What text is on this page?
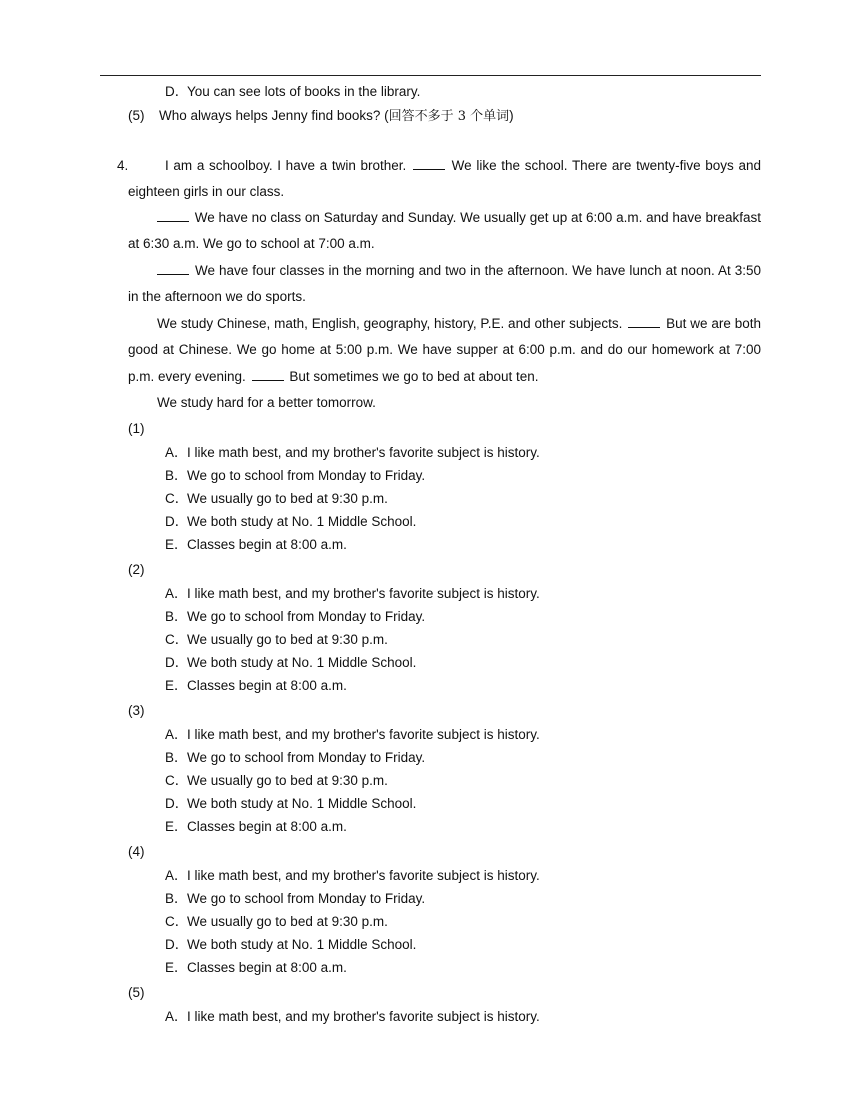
D．You can see lots of books in the library.
(5) Who always helps Jenny find books? (回答不多于 3 个单词)
4.	I am a schoolboy. I have a twin brother.	We like the school. There are twenty-five boys and
eighteen girls in our class.
We have no class on Saturday and Sunday. We usually get up at 6:00 a.m. and have breakfast
at 6:30 a.m. We go to school at 7:00 a.m.
We have four classes in the morning and two in the afternoon. We have lunch at noon. At 3:50
in the afternoon we do sports.
We study Chinese, math, English, geography, history, P.E. and other subjects.	But we are both
good at Chinese. We go home at 5:00 p.m. We have supper at 6:00 p.m. and do our homework at 7:00
p.m. every evening.	But sometimes we go to bed at about ten.
We study hard for a better tomorrow.
(1)
A．I like math best, and my brother's favorite subject is history.
B．We go to school from Monday to Friday.
C．We usually go to bed at 9:30 p.m.
D．We both study at No. 1 Middle School.
E．Classes begin at 8:00 a.m.
(2)
A．I like math best, and my brother's favorite subject is history.
B．We go to school from Monday to Friday.
C．We usually go to bed at 9:30 p.m.
D．We both study at No. 1 Middle School.
E．Classes begin at 8:00 a.m.
(3)
A．I like math best, and my brother's favorite subject is history.
B．We go to school from Monday to Friday.
C．We usually go to bed at 9:30 p.m.
D．We both study at No. 1 Middle School.
E．Classes begin at 8:00 a.m.
(4)
A．I like math best, and my brother's favorite subject is history.
B．We go to school from Monday to Friday.
C．We usually go to bed at 9:30 p.m.
D．We both study at No. 1 Middle School.
E．Classes begin at 8:00 a.m.
(5)
A．I like math best, and my brother's favorite subject is history.
